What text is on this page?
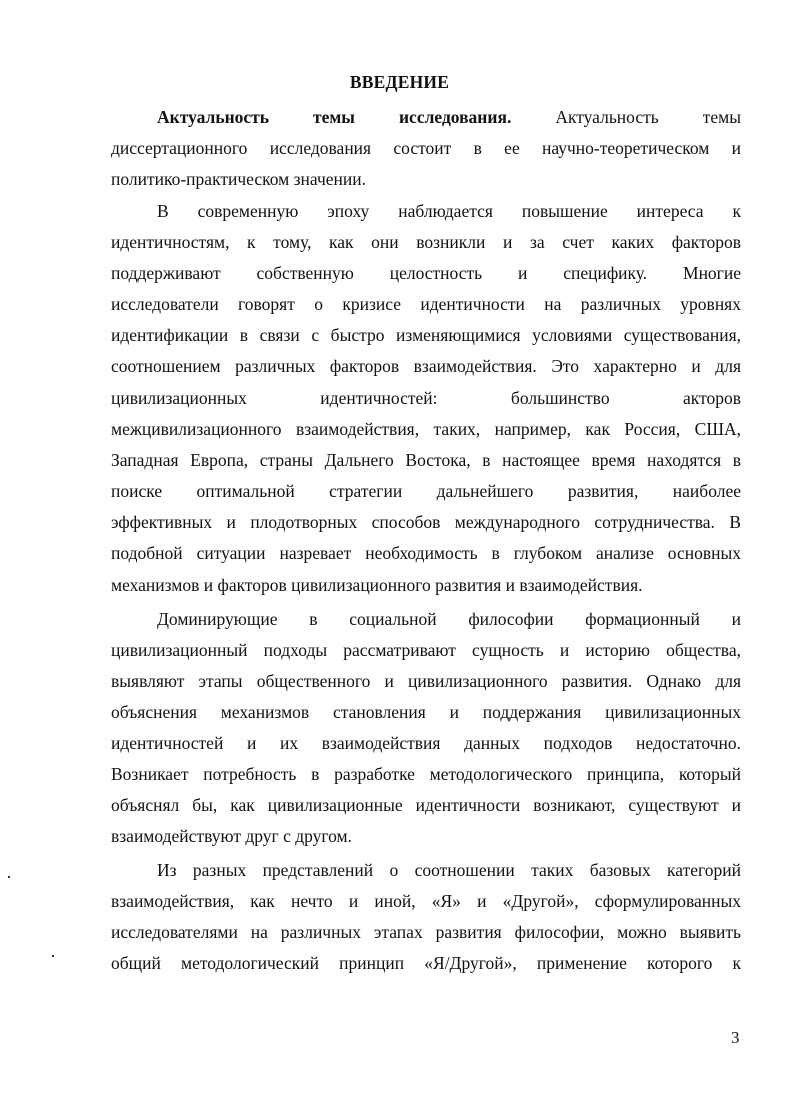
ВВЕДЕНИЕ
Актуальность темы исследования.	Актуальность темы
диссертационного исследования состоит в ее научно-теоретическом и
политико-практическом значении.
В современную эпоху наблюдается повышение интереса к
идентичностям, к тому, как они возникли и за счет каких факторов
поддерживают собственную целостность и специфику. Многие
исследователи говорят о кризисе идентичности на различных уровнях
идентификации в связи с быстро изменяющимися условиями существования,
соотношением различных факторов взаимодействия. Это характерно и для
цивилизационных идентичностей: большинство акторов
межцивилизационного взаимодействия, таких, например, как Россия, США,
Западная Европа, страны Дальнего Востока, в настоящее время находятся в
поиске оптимальной стратегии дальнейшего развития, наиболее
эффективных и плодотворных способов международного сотрудничества. В
подобной ситуации назревает необходимость в глубоком анализе основных
механизмов и факторов цивилизационного развития и взаимодействия.
Доминирующие в социальной философии формационный и
цивилизационный подходы рассматривают сущность и историю общества,
выявляют этапы общественного и цивилизационного развития. Однако для
объяснения механизмов становления и поддержания цивилизационных
идентичностей и их взаимодействия данных подходов недостаточно.
Возникает потребность в разработке методологического принципа, который
объяснял бы, как цивилизационные идентичности возникают, существуют и
взаимодействуют друг с другом.
Из разных представлений о соотношении таких базовых категорий
взаимодействия, как нечто и иной, «Я» и «Другой», сформулированных
исследователями на различных этапах развития философии, можно выявить
общий методологический принцип «Я/Другой», применение которого к
3
